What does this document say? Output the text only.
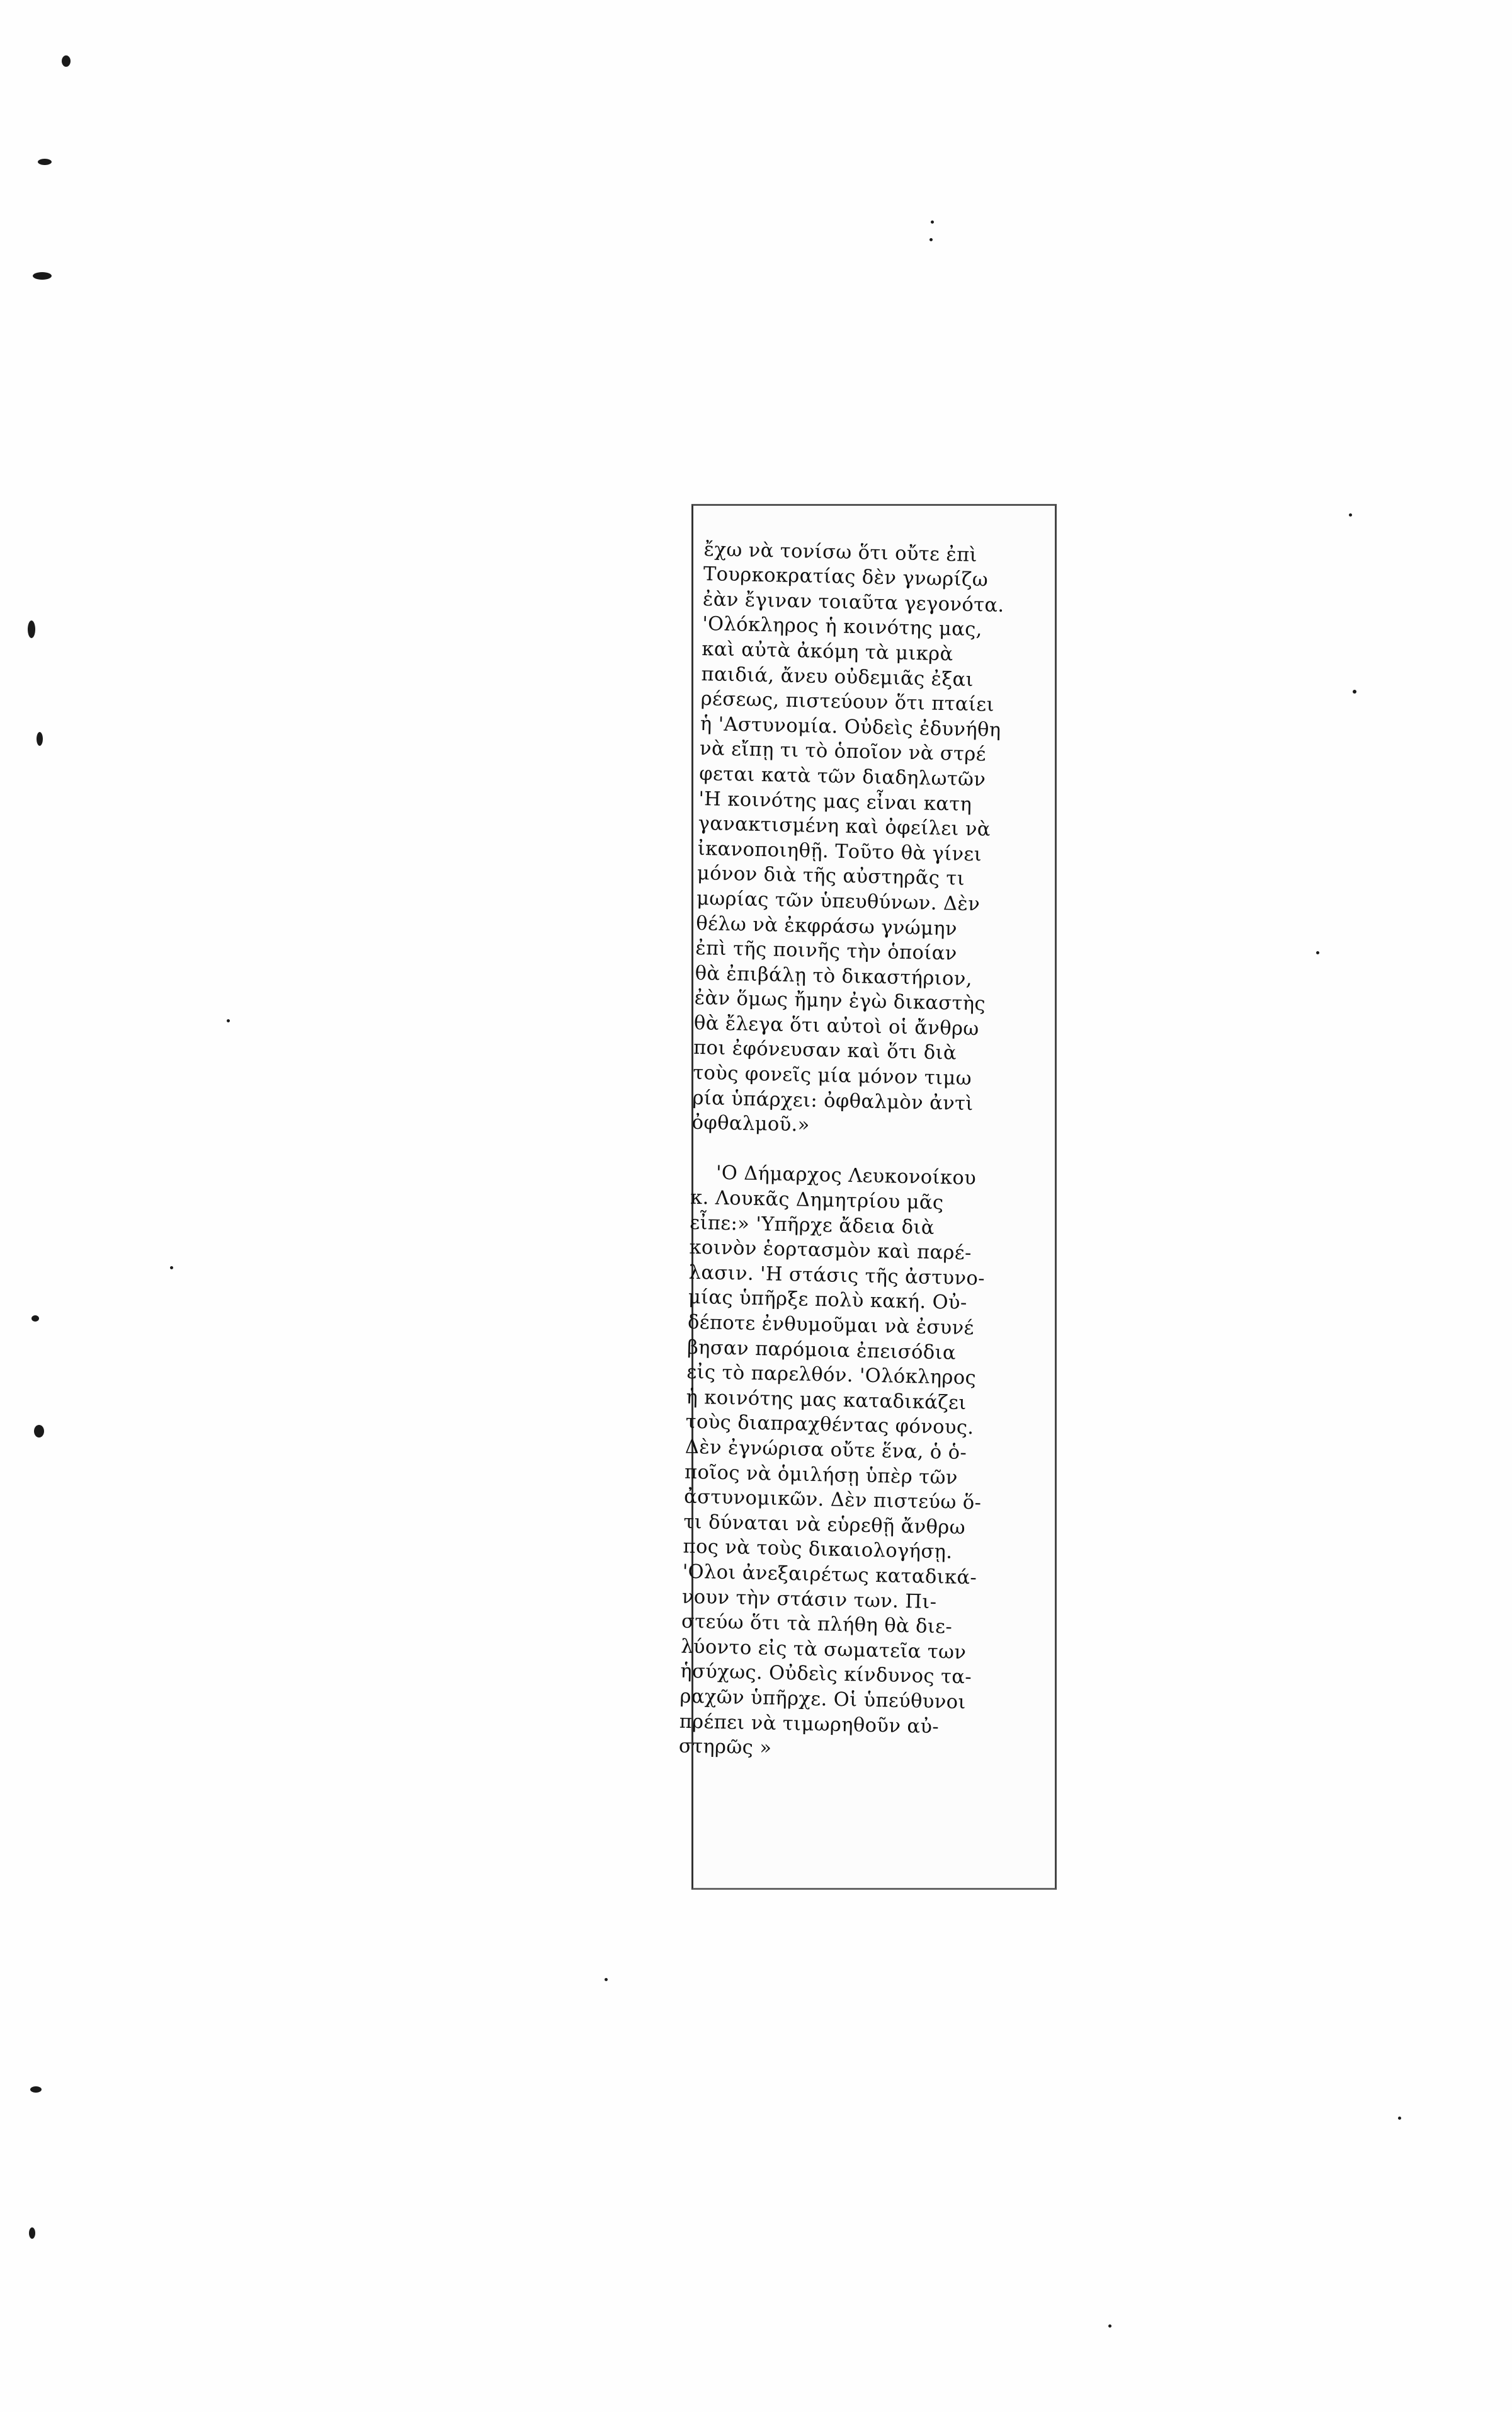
ἔχω νὰ τονίσω ὅτι οὔτε ἐπὶ
Τουρκοκρατίας δὲν γνωρίζω
ἐὰν ἔγιναν τοιαῦτα γεγονότα.
'Ολόκληρος ἡ κοινότης μας,
καὶ αὐτὰ ἀκόμη τὰ μικρὰ
παιδιά, ἄνευ οὐδεμιᾶς ἐξαι
ρέσεως, πιστεύουν ὅτι πταίει
ἡ 'Αστυνομία. Οὐδεὶς ἐδυνήθη
νὰ εἴπῃ τι τὸ ὁποῖον νὰ στρέ
φεται κατὰ τῶν διαδηλωτῶν
'Η κοινότης μας εἶναι κατη
γανακτισμένη καὶ ὀφείλει νὰ
ἰκανοποιηθῇ. Τοῦτο θὰ γίνει
μόνον διὰ τῆς αὐστηρᾶς τι
μωρίας τῶν ὑπευθύνων. Δὲν
θέλω νὰ ἐκφράσω γνώμην
ἐπὶ τῆς ποινῆς τὴν ὁποίαν
θὰ ἐπιβάλῃ τὸ δικαστήριον,
ἐὰν ὅμως ἤμην ἐγὼ δικαστὴς
θὰ ἔλεγα ὅτι αὐτοὶ οἱ ἄνθρω
ποι ἐφόνευσαν καὶ ὅτι διὰ
τοὺς φονεῖς μία μόνον τιμω
ρία ὑπάρχει: ὀφθαλμὸν ἀντὶ
ὀφθαλμοῦ.»

'Ο Δήμαρχος Λευκονοίκου
κ. Λουκᾶς Δημητρίου μᾶς
εἶπε:» 'Υπῆρχε ἄδεια διὰ
κοινὸν ἑορτασμὸν καὶ παρέ-
λασιν. 'Η στάσις τῆς ἀστυνο-
μίας ὑπῆρξε πολὺ κακή. Οὐ-
δέποτε ἐνθυμοῦμαι νὰ ἐσυνέ
βησαν παρόμοια ἐπεισόδια
εἰς τὸ παρελθόν. 'Ολόκληρος
ἡ κοινότης μας καταδικάζει
τοὺς διαπραχθέντας φόνους.
Δὲν ἐγνώρισα οὔτε ἕνα, ὁ ὁ-
ποῖος νὰ ὁμιλήσῃ ὑπὲρ τῶν
ἀστυνομικῶν. Δὲν πιστεύω ὅ-
τι δύναται νὰ εὑρεθῇ ἄνθρω
πος νὰ τοὺς δικαιολογήσῃ.
'Ολοι ἀνεξαιρέτως καταδικά-
νουν τὴν στάσιν των. Πι-
στεύω ὅτι τὰ πλήθη θὰ διε-
λύοντο εἰς τὰ σωματεῖα των
ἡσύχως. Οὐδεὶς κίνδυνος τα-
ραχῶν ὑπῆρχε. Οἱ ὑπεύθυνοι
πρέπει νὰ τιμωρηθοῦν αὐ-
στηρῶς »
